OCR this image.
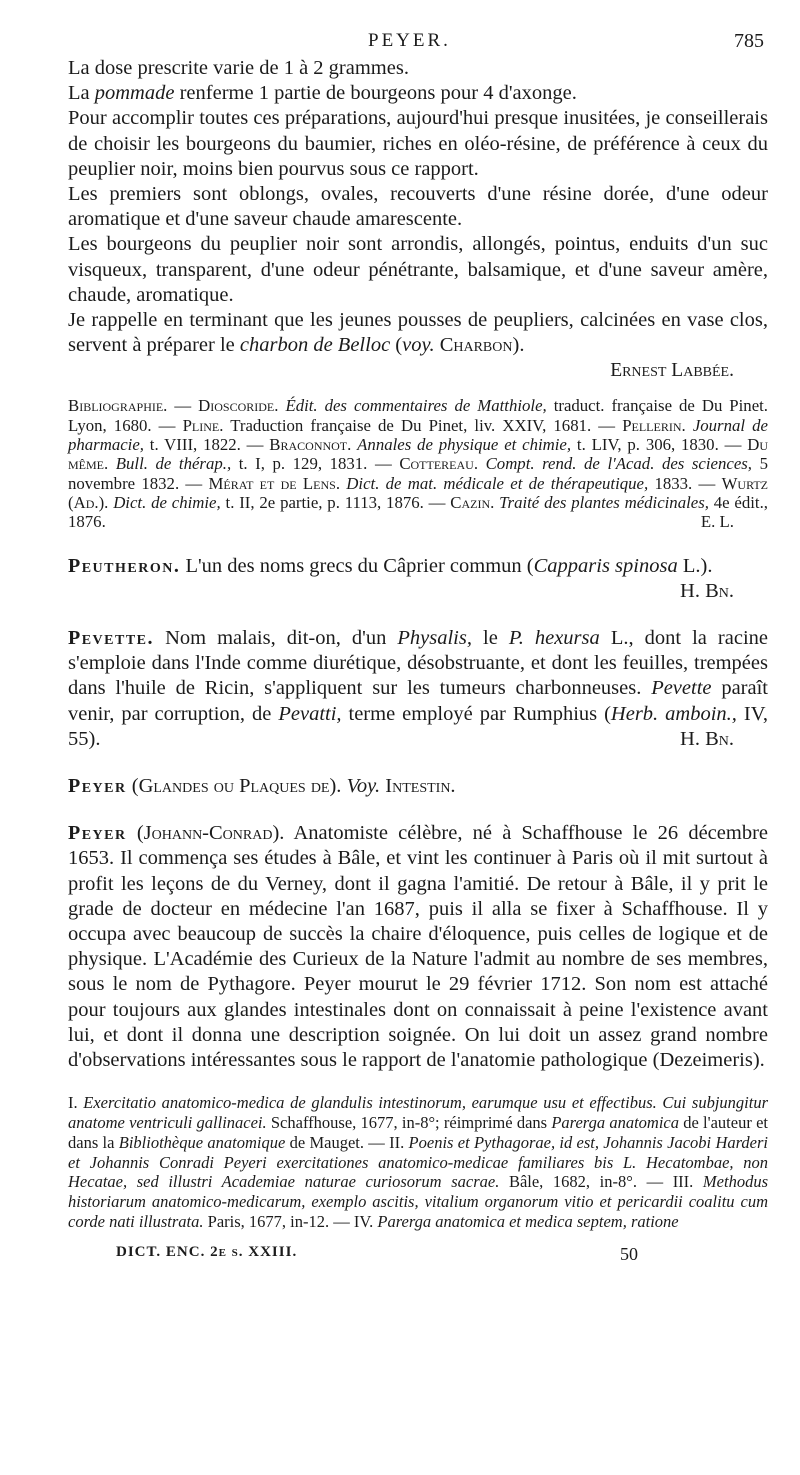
PEYER.	785

La dose prescrite varie de 1 à 2 grammes.

La pommade renferme 1 partie de bourgeons pour 4 d'axonge.

Pour accomplir toutes ces préparations, aujourd'hui presque inusitées, je conseillerais de choisir les bourgeons du baumier, riches en oléo-résine, de préférence à ceux du peuplier noir, moins bien pourvus sous ce rapport.

Les premiers sont oblongs, ovales, recouverts d'une résine dorée, d'une odeur aromatique et d'une saveur chaude amarescente.

Les bourgeons du peuplier noir sont arrondis, allongés, pointus, enduits d'un suc visqueux, transparent, d'une odeur pénétrante, balsamique, et d'une saveur amère, chaude, aromatique.

Je rappelle en terminant que les jeunes pousses de peupliers, calcinées en vase clos, servent à préparer le charbon de Belloc (voy. Charbon).

Ernest Labbée.

Bibliographie. — Dioscoride. Édit. des commentaires de Matthiole, traduct. française de Du Pinet. Lyon, 1680. — Pline. Traduction française de Du Pinet, liv. XXIV, 1681. — Pellerin. Journal de pharmacie, t. VIII, 1822. — Braconnot. Annales de physique et chimie, t. LIV, p. 306, 1830. — Du même. Bull. de thérap., t. I, p. 129, 1831. — Cottereau. Compt. rend. de l'Acad. des sciences, 5 novembre 1832. — Mérat et de Lens. Dict. de mat. médicale et de thérapeutique, 1833. — Wurtz (Ad.). Dict. de chimie, t. II, 2e partie, p. 1113, 1876. — Cazin. Traité des plantes médicinales, 4e édit., 1876.	E. L.

Peutheron. L'un des noms grecs du Câprier commun (Capparis spinosa L.).
H. Bn.

Pevette. Nom malais, dit-on, d'un Physalis, le P. hexursa L., dont la racine s'emploie dans l'Inde comme diurétique, désobstruante, et dont les feuilles, trempées dans l'huile de Ricin, s'appliquent sur les tumeurs charbonneuses. Pevette paraît venir, par corruption, de Pevatti, terme employé par Rumphius (Herb. amboin., IV, 55).	H. Bn.

Peyer (Glandes ou Plaques de). Voy. Intestin.

Peyer (Johann-Conrad). Anatomiste célèbre, né à Schaffhouse le 26 décembre 1653. Il commença ses études à Bâle, et vint les continuer à Paris où il mit surtout à profit les leçons de du Verney, dont il gagna l'amitié. De retour à Bâle, il y prit le grade de docteur en médecine l'an 1687, puis il alla se fixer à Schaffhouse. Il y occupa avec beaucoup de succès la chaire d'éloquence, puis celles de logique et de physique. L'Académie des Curieux de la Nature l'admit au nombre de ses membres, sous le nom de Pythagore. Peyer mourut le 29 février 1712. Son nom est attaché pour toujours aux glandes intestinales dont on connaissait à peine l'existence avant lui, et dont il donna une description soignée. On lui doit un assez grand nombre d'observations intéressantes sous le rapport de l'anatomie pathologique (Dezeimeris).

I. Exercitatio anatomico-medica de glandulis intestinorum, earumque usu et effectibus. Cui subjungitur anatome ventriculi gallinacei. Schaffhouse, 1677, in-8°; réimprimé dans Parerga anatomica de l'auteur et dans la Bibliothèque anatomique de Mauget. — II. Poenis et Pythagorae, id est, Johannis Jacobi Harderi et Johannis Conradi Peyeri exercitationes anatomico-medicae familiares bis L. Hecatombae, non Hecatae, sed illustri Academiae naturae curiosorum sacrae. Bâle, 1682, in-8°. — III. Methodus historiarum anatomico-medicarum, exemplo ascitis, vitalium organorum vitio et pericardii coalitu cum corde nati illustrata. Paris, 1677, in-12. — IV. Parerga anatomica et medica septem, ratione

DICT. ENC. 2e s. XXIII.	50
